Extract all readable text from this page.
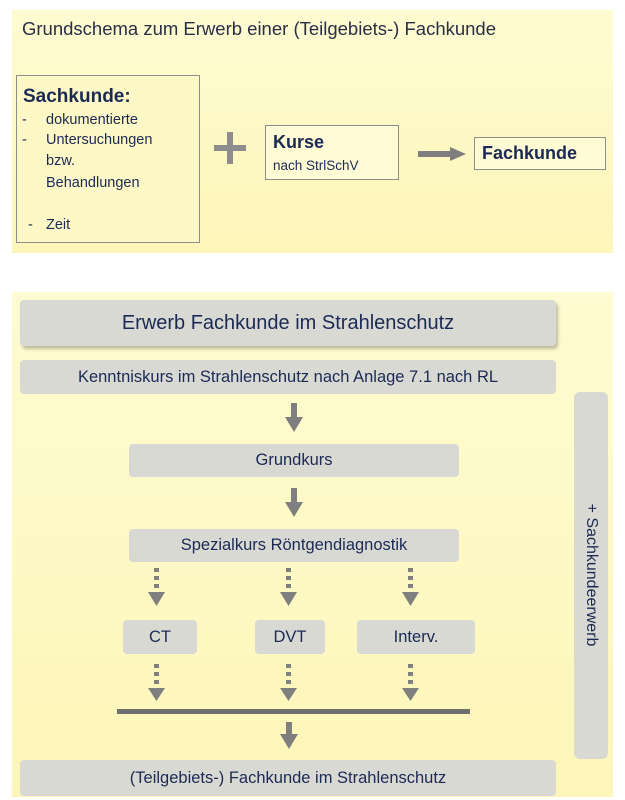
Grundschema zum Erwerb einer (Teilgebiets-) Fachkunde
Sachkunde:
- dokumentierte
- Untersuchungen
bzw.
Behandlungen
- Zeit
Kurse
nach StrlSchV
Fachkunde
Erwerb Fachkunde im Strahlenschutz
Kenntniskurs im Strahlenschutz nach Anlage 7.1 nach RL
Grundkurs
Spezialkurs Röntgendiagnostik
CT	DVT	Interv.
(Teilgebiets-) Fachkunde im Strahlenschutz
+ Sachkundeerwerb
